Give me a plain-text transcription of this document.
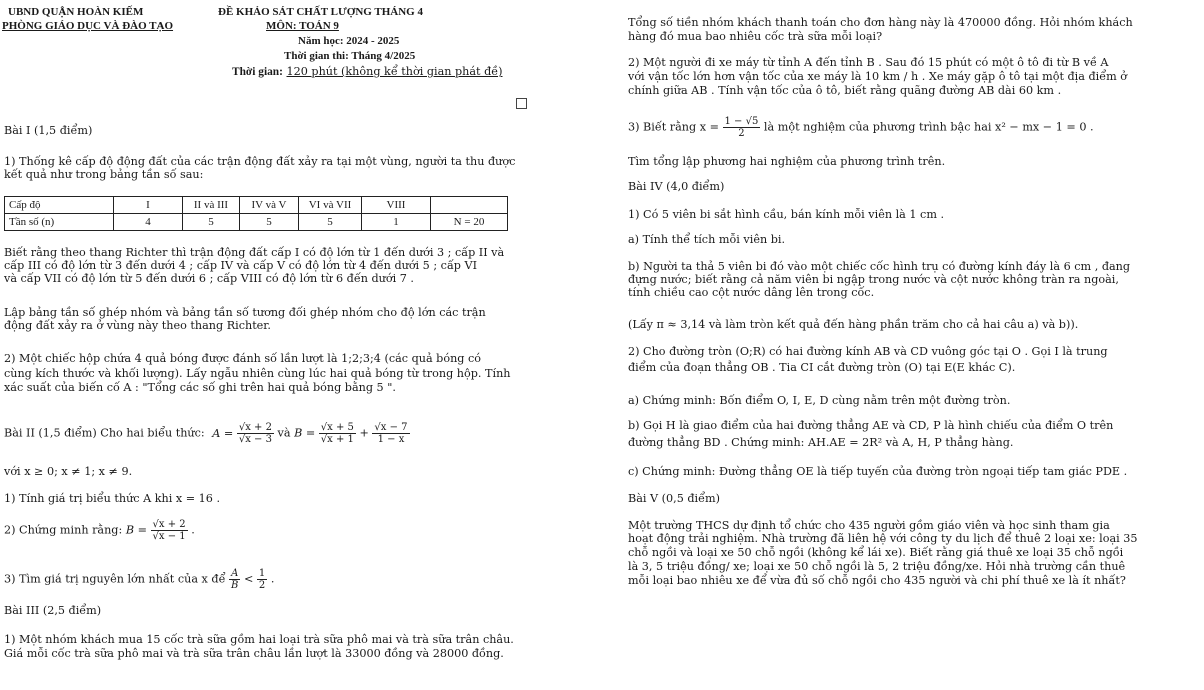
UBND QUẬN HOÀN KIẾM
PHÒNG GIÁO DỤC VÀ ĐÀO TẠO
ĐỀ KHẢO SÁT CHẤT LƯỢNG THÁNG 4
MÔN: TOÁN 9
Năm học: 2024 - 2025
Thời gian thi: Tháng 4/2025
Thời gian: 120 phút (không kể thời gian phát đề)
Bài I (1,5 điểm)
1) Thống kê cấp độ động đất của các trận động đất xảy ra tại một vùng, người ta thu được
kết quả như trong bảng tần số sau:
Cấp độ	I	II và III	IV và V	VI và VII	VIII	
Tần số (n)	4	5	5	5	1	N = 20
Biết rằng theo thang Richter thì trận động đất cấp I có độ lớn từ 1 đến dưới 3 ; cấp II và
cấp III có độ lớn từ 3 đến dưới 4 ; cấp IV và cấp V có độ lớn từ 4 đến dưới 5 ; cấp VI
và cấp VII có độ lớn từ 5 đến dưới 6 ; cấp VIII có độ lớn từ 6 đến dưới 7 .
Lập bảng tần số ghép nhóm và bảng tần số tương đối ghép nhóm cho độ lớn các trận
động đất xảy ra ở vùng này theo thang Richter.
2) Một chiếc hộp chứa 4 quả bóng được đánh số lần lượt là 1;2;3;4 (các quả bóng có
cùng kích thước và khối lượng). Lấy ngẫu nhiên cùng lúc hai quả bóng từ trong hộp. Tính
xác suất của biến cố A : "Tổng các số ghi trên hai quả bóng bằng 5 ".
Bài II (1,5 điểm) Cho hai biểu thức: $A = \frac{√x + 2}{√x - 3}$ và $B = \frac{√x + 5}{√x + 1} + \frac{√x - 7}{1 - x}$
với x ≥ 0; x ≠ 1; x ≠ 9.
1) Tính giá trị biểu thức A khi x = 16 .
2) Chứng minh rằng: $B = \frac{√x + 2}{√x - 1}$ .
3) Tìm giá trị nguyên lớn nhất của x để $\frac{A}{B} < \frac{1}{2}$ .
Bài III (2,5 điểm)
1) Một nhóm khách mua 15 cốc trà sữa gồm hai loại trà sữa phô mai và trà sữa trân châu.
Giá mỗi cốc trà sữa phô mai và trà sữa trân châu lần lượt là 33000 đồng và 28000 đồng.
Tổng số tiền nhóm khách thanh toán cho đơn hàng này là 470000 đồng. Hỏi nhóm khách
hàng đó mua bao nhiêu cốc trà sữa mỗi loại?
2) Một người đi xe máy từ tỉnh A đến tỉnh B . Sau đó 15 phút có một ô tô đi từ B về A
với vận tốc lớn hơn vận tốc của xe máy là 10 km / h . Xe máy gặp ô tô tại một địa điểm ở
chính giữa AB . Tính vận tốc của ô tô, biết rằng quãng đường AB dài 60 km .
3) Biết rằng $x = \frac{1 - √5}{2}$ là một nghiệm của phương trình bậc hai x² − mx − 1 = 0 .
Tìm tổng lập phương hai nghiệm của phương trình trên.
Bài IV (4,0 điểm)
1) Có 5 viên bi sắt hình cầu, bán kính mỗi viên là 1 cm .
a) Tính thể tích mỗi viên bi.
b) Người ta thả 5 viên bi đó vào một chiếc cốc hình trụ có đường kính đáy là 6 cm , đang
đựng nước; biết rằng cả năm viên bi ngập trong nước và cột nước không tràn ra ngoài,
tính chiều cao cột nước dâng lên trong cốc.
(Lấy π ≈ 3,14 và làm tròn kết quả đến hàng phần trăm cho cả hai câu a) và b)).
2) Cho đường tròn (O;R) có hai đường kính AB và CD vuông góc tại O . Gọi I là trung
điểm của đoạn thẳng OB . Tia CI cắt đường tròn (O) tại E(E khác C).
a) Chứng minh: Bốn điểm O, I, E, D cùng nằm trên một đường tròn.
b) Gọi H là giao điểm của hai đường thẳng AE và CD, P là hình chiếu của điểm O trên
đường thẳng BD . Chứng minh: AH.AE = 2R² và A, H, P thẳng hàng.
c) Chứng minh: Đường thẳng OE là tiếp tuyến của đường tròn ngoại tiếp tam giác PDE .
Bài V (0,5 điểm)
Một trường THCS dự định tổ chức cho 435 người gồm giáo viên và học sinh tham gia
hoạt động trải nghiệm. Nhà trường đã liên hệ với công ty du lịch để thuê 2 loại xe: loại 35
chỗ ngồi và loại xe 50 chỗ ngồi (không kể lái xe). Biết rằng giá thuê xe loại 35 chỗ ngồi
là 3, 5 triệu đồng/ xe; loại xe 50 chỗ ngồi là 5, 2 triệu đồng/xe. Hỏi nhà trường cần thuê
mỗi loại bao nhiêu xe để vừa đủ số chỗ ngồi cho 435 người và chi phí thuê xe là ít nhất?
